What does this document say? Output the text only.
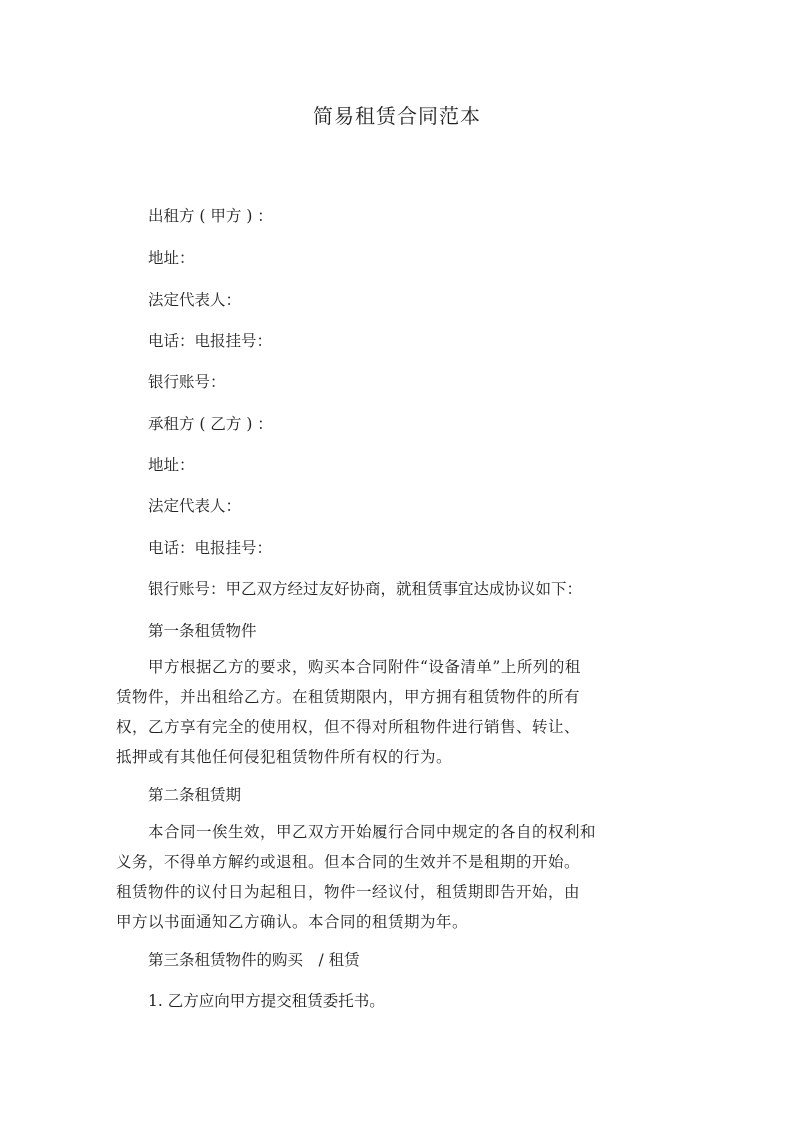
简易租赁合同范本
出租方 ( 甲方 ) ：
地址：
法定代表人：
电话：电报挂号：
银行账号：
承租方 ( 乙方 ) ：
地址：
法定代表人：
电话：电报挂号：
银行账号：甲乙双方经过友好协商，就租赁事宜达成协议如下：
第一条租赁物件
甲方根据乙方的要求，购买本合同附件“设备清单”上所列的租
赁物件，并出租给乙方。在租赁期限内，甲方拥有租赁物件的所有
权，乙方享有完全的使用权，但不得对所租物件进行销售、转让、
抵押或有其他任何侵犯租赁物件所有权的行为。
第二条租赁期
本合同一俟生效，甲乙双方开始履行合同中规定的各自的权利和
义务，不得单方解约或退租。但本合同的生效并不是租期的开始。
租赁物件的议付日为起租日，物件一经议付，租赁期即告开始，由
甲方以书面通知乙方确认。本合同的租赁期为年。
第三条租赁物件的购买　/ 租赁
1. 乙方应向甲方提交租赁委托书。
